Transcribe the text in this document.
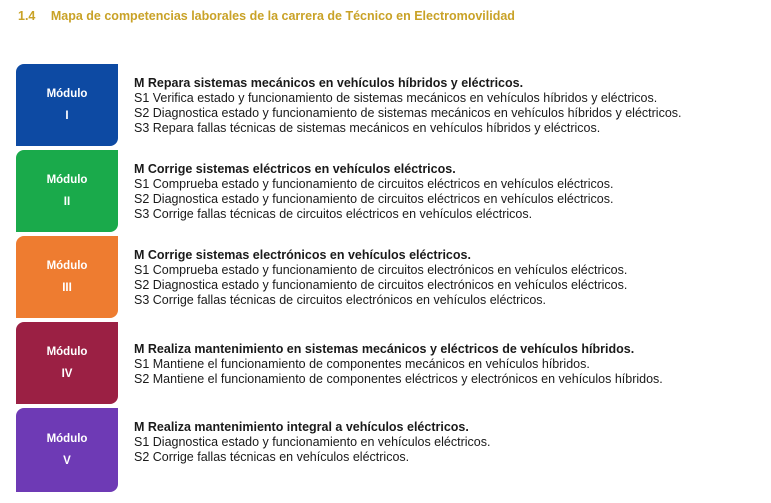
1.4 Mapa de competencias laborales de la carrera de Técnico en Electromovilidad
Módulo
I
M Repara sistemas mecánicos en vehículos híbridos y eléctricos.
S1 Verifica estado y funcionamiento de sistemas mecánicos en vehículos híbridos y eléctricos.
S2 Diagnostica estado y funcionamiento de sistemas mecánicos en vehículos híbridos y eléctricos.
S3 Repara fallas técnicas de sistemas mecánicos en vehículos híbridos y eléctricos.
Módulo
II
M Corrige sistemas eléctricos en vehículos eléctricos.
S1 Comprueba estado y funcionamiento de circuitos eléctricos en vehículos eléctricos.
S2 Diagnostica estado y funcionamiento de circuitos eléctricos en vehículos eléctricos.
S3 Corrige fallas técnicas de circuitos eléctricos en vehículos eléctricos.
Módulo
III
M Corrige sistemas electrónicos en vehículos eléctricos.
S1 Comprueba estado y funcionamiento de circuitos electrónicos en vehículos eléctricos.
S2 Diagnostica estado y funcionamiento de circuitos electrónicos en vehículos eléctricos.
S3 Corrige fallas técnicas de circuitos electrónicos en vehículos eléctricos.
Módulo
IV
M Realiza mantenimiento en sistemas mecánicos y eléctricos de vehículos híbridos.
S1 Mantiene el funcionamiento de componentes mecánicos en vehículos híbridos.
S2 Mantiene el funcionamiento de componentes eléctricos y electrónicos en vehículos híbridos.
Módulo
V
M Realiza mantenimiento integral a vehículos eléctricos.
S1 Diagnostica estado y funcionamiento en vehículos eléctricos.
S2 Corrige fallas técnicas en vehículos eléctricos.
